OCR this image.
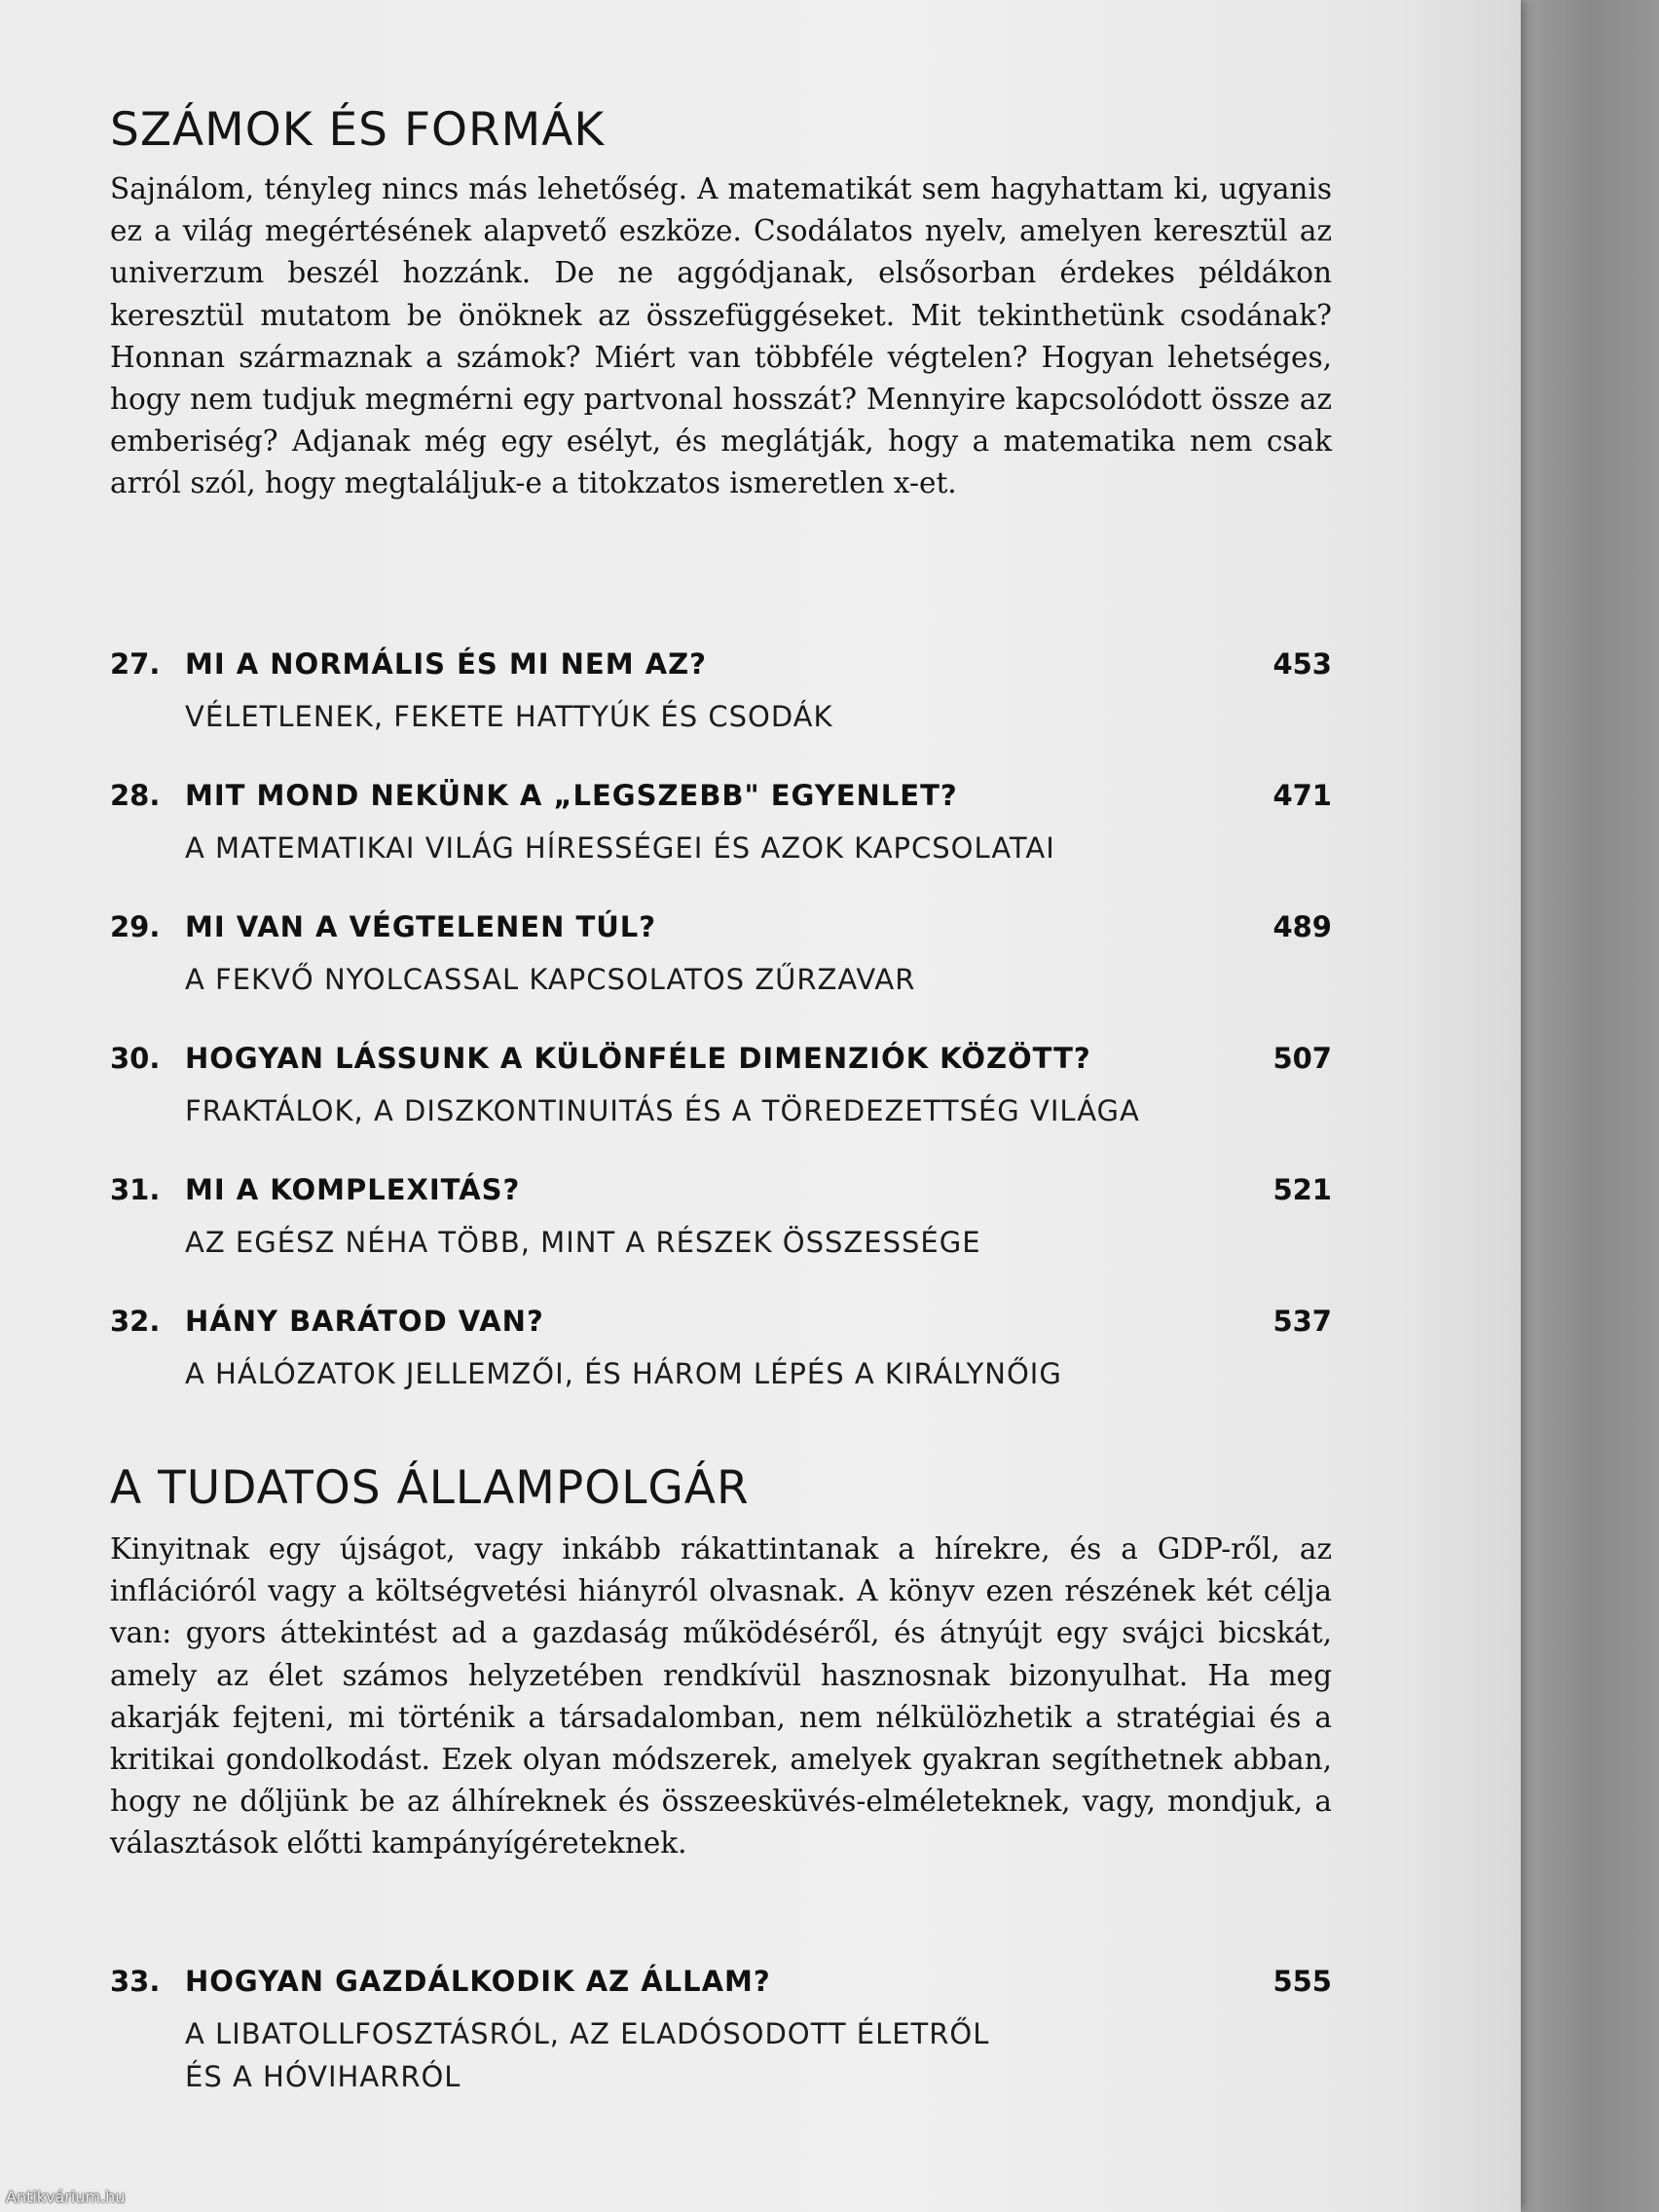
SZÁMOK ÉS FORMÁK

Sajnálom, tényleg nincs más lehetőség. A matematikát sem hagyhattam ki, ugyanis ez a világ megértésének alapvető eszköze. Csodálatos nyelv, amelyen keresztül az univerzum beszél hozzánk. De ne aggódjanak, elsősorban érdekes példákon keresztül mutatom be önöknek az összefüggéseket. Mit tekinthetünk csodának? Honnan származnak a számok? Miért van többféle végtelen? Hogyan lehetséges, hogy nem tudjuk megmérni egy partvonal hosszát? Mennyire kapcsolódott össze az emberiség? Adjanak még egy esélyt, és meglátják, hogy a matematika nem csak arról szól, hogy megtaláljuk-e a titokzatos ismeretlen x-et.

27. MI A NORMÁLIS ÉS MI NEM AZ?	453
VÉLETLENEK, FEKETE HATTYÚK ÉS CSODÁK
28. MIT MOND NEKÜNK A „LEGSZEBB" EGYENLET?	471
A MATEMATIKAI VILÁG HÍRESSÉGEI ÉS AZOK KAPCSOLATAI
29. MI VAN A VÉGTELENEN TÚL?	489
A FEKVŐ NYOLCASSAL KAPCSOLATOS ZŰRZAVAR
30. HOGYAN LÁSSUNK A KÜLÖNFÉLE DIMENZIÓK KÖZÖTT?	507
FRAKTÁLOK, A DISZKONTINUITÁS ÉS A TÖREDEZETTSÉG VILÁGA
31. MI A KOMPLEXITÁS?	521
AZ EGÉSZ NÉHA TÖBB, MINT A RÉSZEK ÖSSZESSÉGE
32. HÁNY BARÁTOD VAN?	537
A HÁLÓZATOK JELLEMZŐI, ÉS HÁROM LÉPÉS A KIRÁLYNŐIG
A TUDATOS ÁLLAMPOLGÁR

Kinyitnak egy újságot, vagy inkább rákattintanak a hírekre, és a GDP-ről, az inflációról vagy a költségvetési hiányról olvasnak. A könyv ezen részének két célja van: gyors áttekintést ad a gazdaság működéséről, és átnyújt egy svájci bicskát, amely az élet számos helyzetében rendkívül hasznosnak bizonyulhat. Ha meg akarják fejteni, mi történik a társadalomban, nem nélkülözhetik a stratégiai és a kritikai gondolkodást. Ezek olyan módszerek, amelyek gyakran segíthetnek abban, hogy ne dőljünk be az álhíreknek és összeesküvés-elméleteknek, vagy, mondjuk, a választások előtti kampányígéreteknek.

33. HOGYAN GAZDÁLKODIK AZ ÁLLAM?	555
A LIBATOLLFOSZTÁSRÓL, AZ ELADÓSODOTT ÉLETRŐL
ÉS A HÓVIHARRÓL
Antikvárium.hu
